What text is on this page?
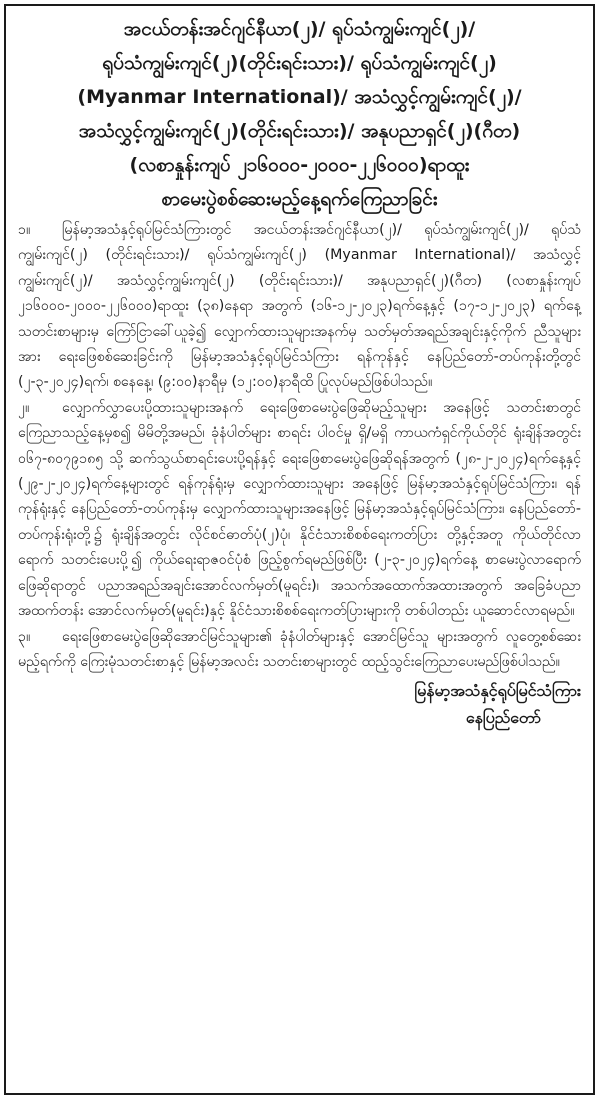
အငယ်တန်းအင်ဂျင်နီယာ(၂)/ ရုပ်သံကျွမ်းကျင်(၂)/
ရုပ်သံကျွမ်းကျင်(၂)(တိုင်းရင်းသား)/ ရုပ်သံကျွမ်းကျင်(၂)
(Myanmar International)/ အသံလွှင့်ကျွမ်းကျင်(၂)/
အသံလွှင့်ကျွမ်းကျင်(၂)(တိုင်းရင်းသား)/ အနုပညာရှင်(၂)(ဂီတ)
(လစာနှုန်းကျပ် ၂၁၆၀၀၀-၂၀၀၀-၂၂၆၀၀၀)ရာထူး
စာမေးပွဲစစ်ဆေးမည့်နေ့ရက်ကြေညာခြင်း

၁။ မြန်မာ့အသံနှင့်ရုပ်မြင်သံကြားတွင် အငယ်တန်းအင်ဂျင်နီယာ(၂)/ ရုပ်သံကျွမ်းကျင်(၂)/ ရုပ်သံကျွမ်းကျင်(၂) (တိုင်းရင်းသား)/ ရုပ်သံကျွမ်းကျင်(၂) (Myanmar International)/ အသံလွှင့်ကျွမ်းကျင်(၂)/ အသံလွှင့်ကျွမ်းကျင်(၂) (တိုင်းရင်းသား)/ အနုပညာရှင်(၂)(ဂီတ) (လစာနှုန်းကျပ် ၂၁၆၀၀၀-၂၀၀၀-၂၂၆၀၀၀)ရာထူး (၃၈)နေရာ အတွက် (၁၆-၁၂-၂၀၂၃)ရက်နေ့နှင့် (၁၇-၁၂-၂၀၂၃) ရက်နေ့ သတင်းစာများမှ ကြော်ငြာခေါ်ယူခဲ့၍ လျှောက်ထားသူများအနက်မှ သတ်မှတ်အရည်အချင်းနှင့်ကိုက် ညီသူများအား ရေးဖြေစစ်ဆေးခြင်းကို မြန်မာ့အသံနှင့်ရုပ်မြင်သံကြား ရန်ကုန်နှင့် နေပြည်တော်-တပ်ကုန်းတို့တွင် (၂-၃-၂၀၂၄)ရက်၊ စနေနေ့၊ (၉:၀၀)နာရီမှ (၁၂:၀၀)နာရီထိ ပြုလုပ်မည်ဖြစ်ပါသည်။

၂။ လျှောက်လွှာပေးပို့ထားသူများအနက် ရေးဖြေစာမေးပွဲဖြေဆိုမည့်သူများ အနေဖြင့် သတင်းစာတွင် ကြေညာသည့်နေ့မှစ၍ မိမိတို့အမည်၊ ခုံနံပါတ်များ စာရင်း ပါဝင်မှု ရှိ/မရှိ ကာယကံရှင်ကိုယ်တိုင် ရုံးချိန်အတွင်း ၀၆၇-၈၀၇၉၁၈၅ သို့ ဆက်သွယ်စာရင်းပေးပို့ရန်နှင့် ရေးဖြေစာမေးပွဲဖြေဆိုရန်အတွက် (၂၈-၂-၂၀၂၄)ရက်နေ့နှင့် (၂၉-၂-၂၀၂၄)ရက်နေ့များတွင် ရန်ကုန်ရုံးမှ လျှောက်ထားသူများ အနေဖြင့် မြန်မာ့အသံနှင့်ရုပ်မြင်သံကြား၊ ရန်ကုန်ရုံးနှင့် နေပြည်တော်-တပ်ကုန်းမှ လျှောက်ထားသူများအနေဖြင့် မြန်မာ့အသံနှင့်ရုပ်မြင်သံကြား၊ နေပြည်တော်-တပ်ကုန်းရုံးတို့၌ ရုံးချိန်အတွင်း လိုင်စင်ဓာတ်ပုံ(၂)ပုံ၊ နိုင်ငံသားစိစစ်ရေးကတ်ပြား တို့နှင့်အတူ ကိုယ်တိုင်လာရောက် သတင်းပေးပို့၍ ကိုယ်ရေးရာဇဝင်ပုံစံ ဖြည့်စွက်ရမည်ဖြစ်ပြီး (၂-၃-၂၀၂၄)ရက်နေ့ စာမေးပွဲလာရောက်ဖြေဆိုရာတွင် ပညာအရည်အချင်းအောင်လက်မှတ်(မူရင်း)၊ အသက်အထောက်အထားအတွက် အခြေခံပညာ အထက်တန်း အောင်လက်မှတ်(မူရင်း)နှင့် နိုင်ငံသားစိစစ်ရေးကတ်ပြားများကို တစ်ပါတည်း ယူဆောင်လာရမည်။

၃။ ရေးဖြေစာမေးပွဲဖြေဆိုအောင်မြင်သူများ၏ ခုံနံပါတ်များနှင့် အောင်မြင်သူ များအတွက် လူတွေ့စစ်ဆေးမည့်ရက်ကို ကြေးမုံသတင်းစာနှင့် မြန်မာ့အလင်း သတင်းစာများတွင် ထည့်သွင်းကြေညာပေးမည်ဖြစ်ပါသည်။

မြန်မာ့အသံနှင့်ရုပ်မြင်သံကြား
နေပြည်တော်
